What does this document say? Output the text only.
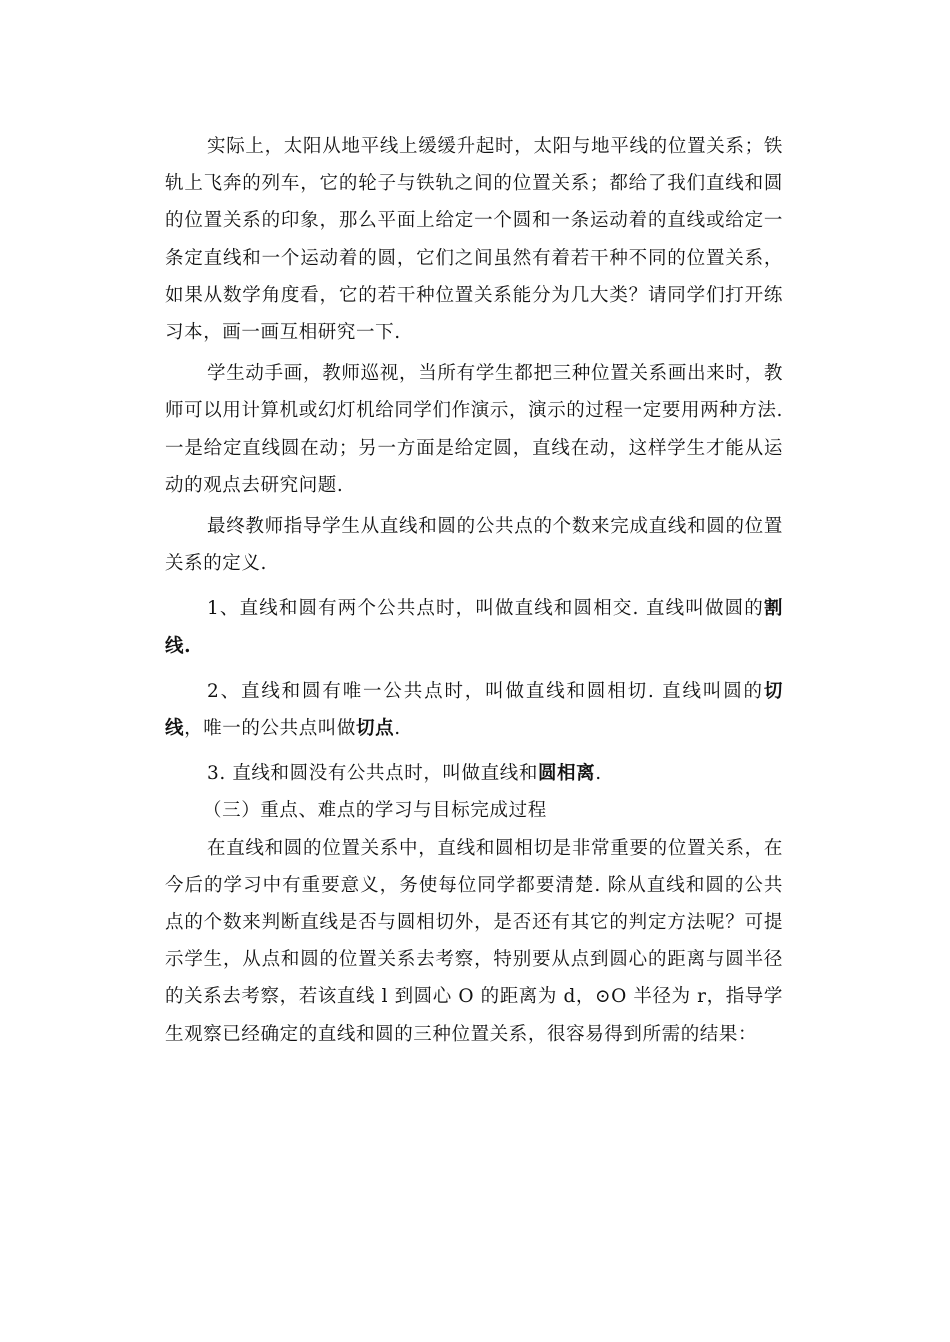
实际上，太阳从地平线上缓缓升起时，太阳与地平线的位置关系；铁轨上飞奔的列车，它的轮子与铁轨之间的位置关系；都给了我们直线和圆的位置关系的印象，那么平面上给定一个圆和一条运动着的直线或给定一条定直线和一个运动着的圆，它们之间虽然有着若干种不同的位置关系，如果从数学角度看，它的若干种位置关系能分为几大类？请同学们打开练习本，画一画互相研究一下.

学生动手画，教师巡视，当所有学生都把三种位置关系画出来时，教师可以用计算机或幻灯机给同学们作演示，演示的过程一定要用两种方法.一是给定直线圆在动；另一方面是给定圆，直线在动，这样学生才能从运动的观点去研究问题.

最终教师指导学生从直线和圆的公共点的个数来完成直线和圆的位置关系的定义.

1、直线和圆有两个公共点时，叫做直线和圆相交. 直线叫做圆的割线.

2、直线和圆有唯一公共点时，叫做直线和圆相切. 直线叫圆的切线，唯一的公共点叫做切点.

3. 直线和圆没有公共点时，叫做直线和圆相离.

（三）重点、难点的学习与目标完成过程

在直线和圆的位置关系中，直线和圆相切是非常重要的位置关系，在今后的学习中有重要意义，务使每位同学都要清楚. 除从直线和圆的公共点的个数来判断直线是否与圆相切外，是否还有其它的判定方法呢？可提示学生，从点和圆的位置关系去考察，特别要从点到圆心的距离与圆半径的关系去考察，若该直线 l 到圆心 O 的距离为 d，⊙O 半径为 r，指导学生观察已经确定的直线和圆的三种位置关系，很容易得到所需的结果：
